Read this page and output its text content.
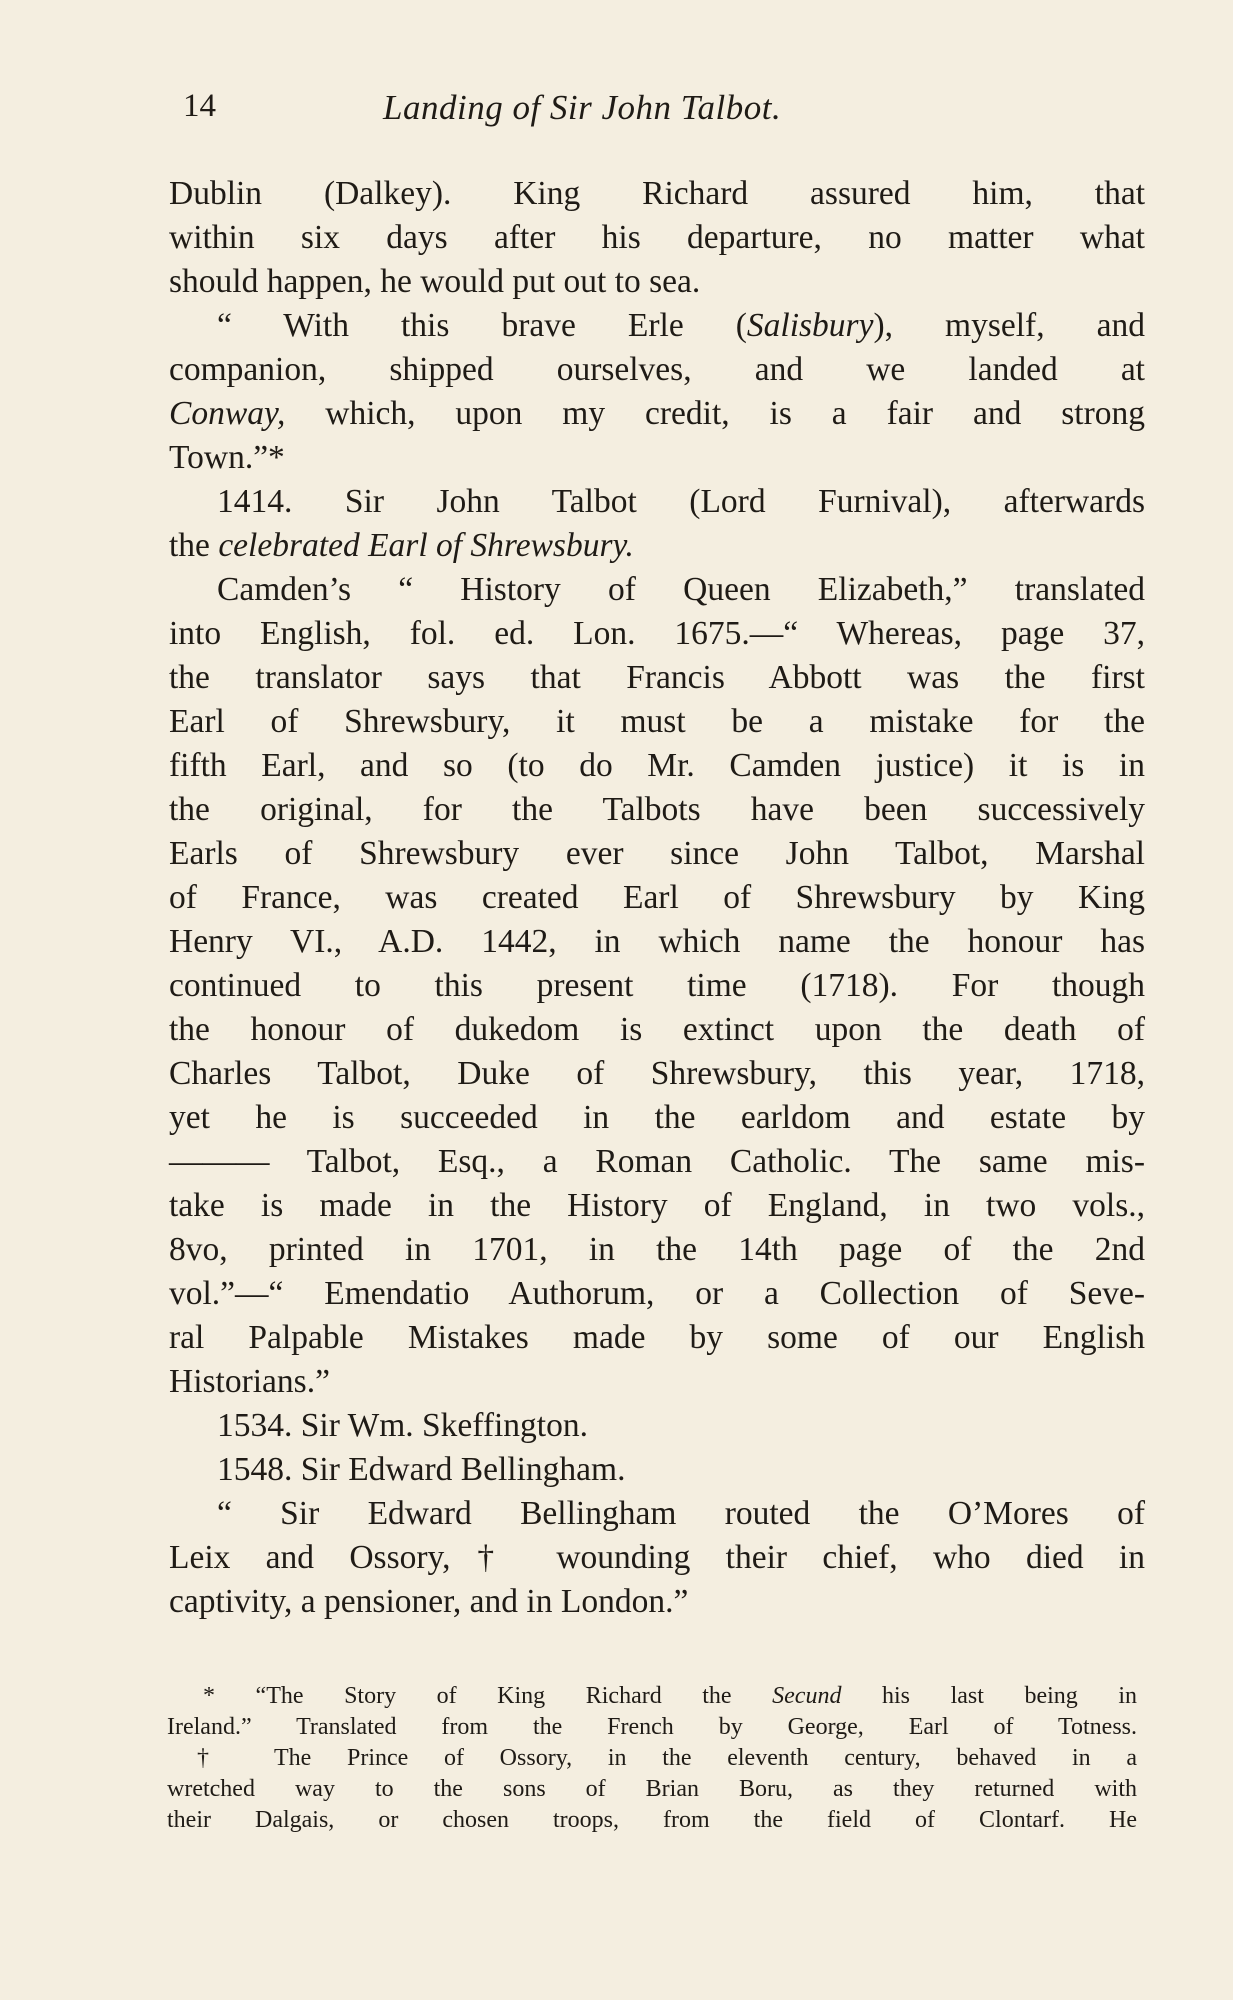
14	Landing of Sir John Talbot.
Dublin (Dalkey). King Richard assured him, that
within six days after his departure, no matter what
should happen, he would put out to sea.
“ With this brave Erle (Salisbury), myself, and
companion, shipped ourselves, and we landed at
Conway, which, upon my credit, is a fair and strong
Town.”*
1414. Sir John Talbot (Lord Furnival), afterwards
the celebrated Earl of Shrewsbury.
Camden’s “ History of Queen Elizabeth,” translated
into English, fol. ed. Lon. 1675.—“ Whereas, page 37,
the translator says that Francis Abbott was the first
Earl of Shrewsbury, it must be a mistake for the
fifth Earl, and so (to do Mr. Camden justice) it is in
the original, for the Talbots have been successively
Earls of Shrewsbury ever since John Talbot, Marshal
of France, was created Earl of Shrewsbury by King
Henry VI., A.D. 1442, in which name the honour has
continued to this present time (1718). For though
the honour of dukedom is extinct upon the death of
Charles Talbot, Duke of Shrewsbury, this year, 1718,
yet he is succeeded in the earldom and estate by
——— Talbot, Esq., a Roman Catholic. The same mis-
take is made in the History of England, in two vols.,
8vo, printed in 1701, in the 14th page of the 2nd
vol.”—“ Emendatio Authorum, or a Collection of Seve-
ral Palpable Mistakes made by some of our English
Historians.”
1534. Sir Wm. Skeffington.
1548. Sir Edward Bellingham.
“ Sir Edward Bellingham routed the O’Mores of
Leix and Ossory,† wounding their chief, who died in
captivity, a pensioner, and in London.”
* “The Story of King Richard the Secund his last being in
Ireland.” Translated from the French by George, Earl of Totness.
† The Prince of Ossory, in the eleventh century, behaved in a
wretched way to the sons of Brian Boru, as they returned with
their Dalgais, or chosen troops, from the field of Clontarf. He
